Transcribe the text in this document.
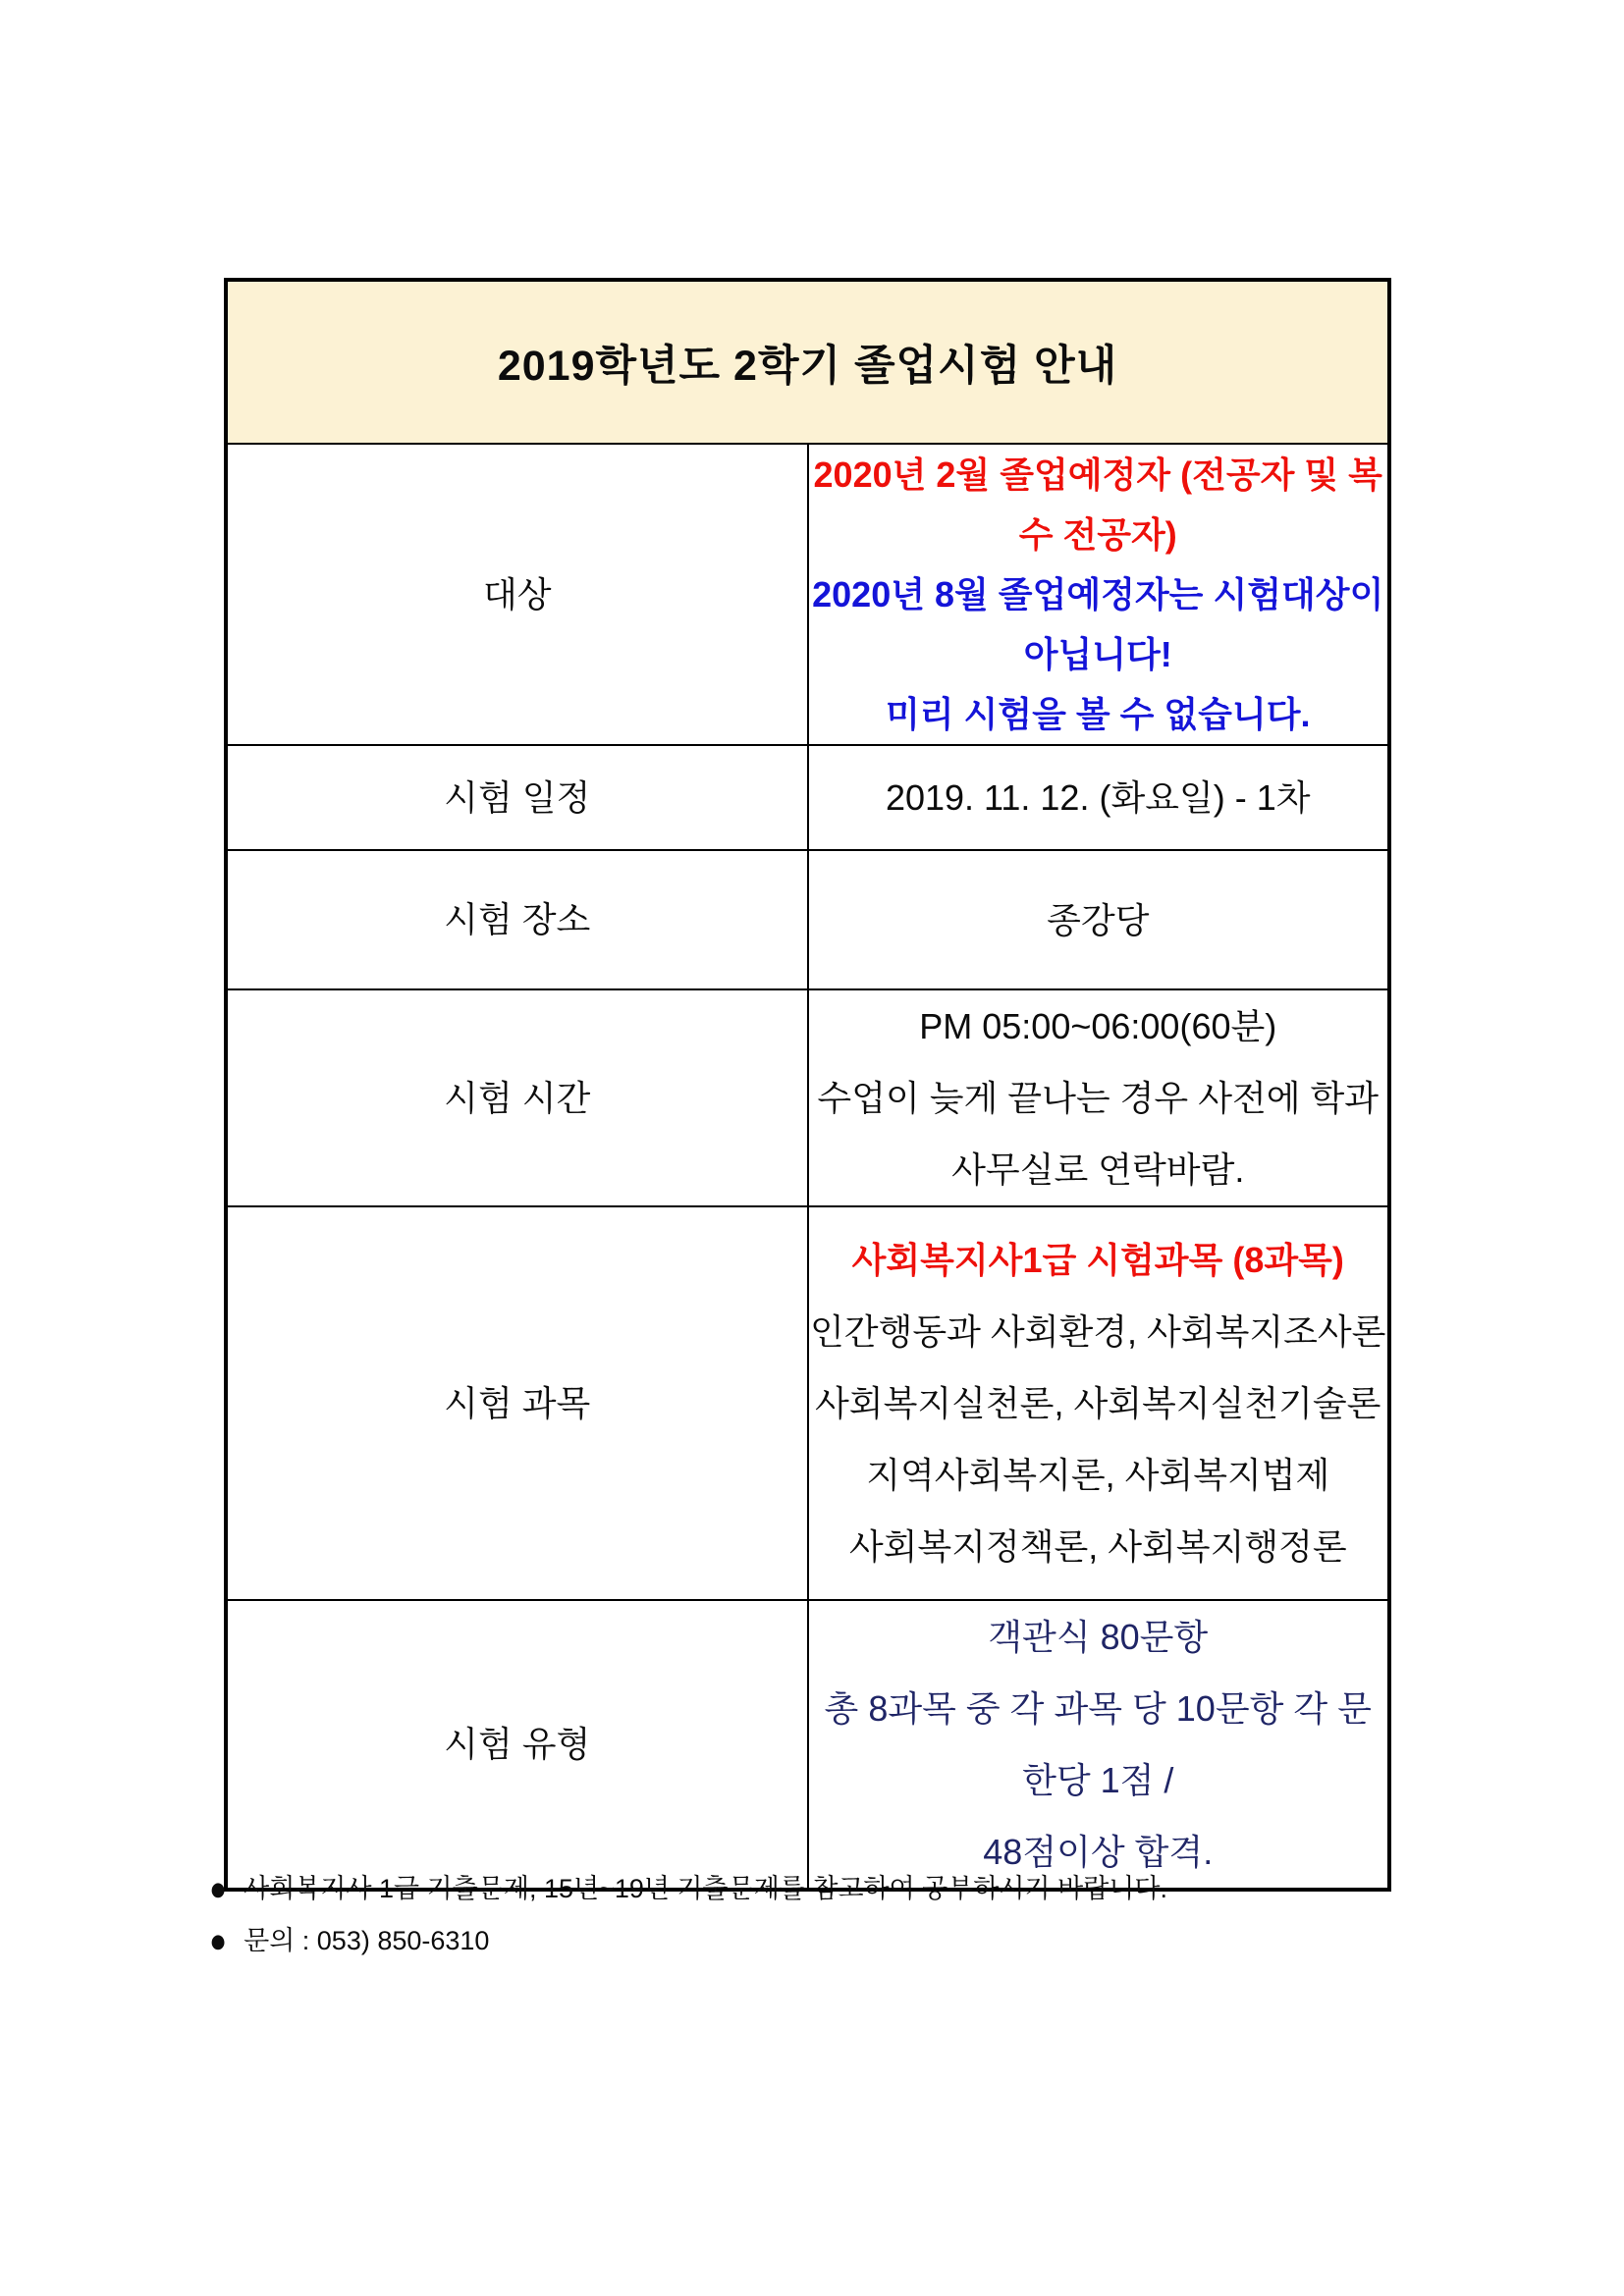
2019학년도 2학기 졸업시험 안내	
대상	2020년 2월 졸업예정자 (전공자 및 복수 전공자)
2020년 8월 졸업예정자는 시험대상이 아닙니다!
미리 시험을 볼 수 없습니다.

시험 일정	2019. 11. 12. (화요일) - 1차

시험 장소	종강당

시험 시간	PM 05:00~06:00(60분)
수업이 늦게 끝나는 경우 사전에 학과사무실로 연락바람.

시험 과목	사회복지사1급 시험과목 (8과목)
인간행동과 사회환경, 사회복지조사론
사회복지실천론, 사회복지실천기술론
지역사회복지론, 사회복지법제
사회복지정책론, 사회복지행정론

시험 유형	객관식 80문항
총 8과목 중 각 과목 당 10문항 각 문한당 1점 /
48점이상 합격.
● 사회복지사 1급 기출문제, 15년~19년 기출문제를 참고하여 공부하시기 바랍니다.
● 문의 : 053) 850-6310
